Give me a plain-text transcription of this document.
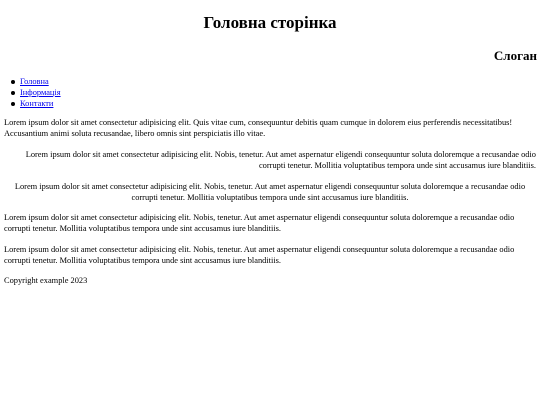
Головна сторінка
Слоган
Головна
Інформація
Контакти

Lorem ipsum dolor sit amet consectetur adipisicing elit. Quis vitae cum, consequuntur debitis quam cumque in dolorem eius perferendis necessitatibus! Accusantium animi soluta recusandae, libero omnis sint perspiciatis illo vitae.

Lorem ipsum dolor sit amet consectetur adipisicing elit. Nobis, tenetur. Aut amet aspernatur eligendi consequuntur soluta doloremque a recusandae odio corrupti tenetur. Mollitia voluptatibus tempora unde sint accusamus iure blanditiis.

Lorem ipsum dolor sit amet consectetur adipisicing elit. Nobis, tenetur. Aut amet aspernatur eligendi consequuntur soluta doloremque a recusandae odio corrupti tenetur. Mollitia voluptatibus tempora unde sint accusamus iure blanditiis.

Lorem ipsum dolor sit amet consectetur adipisicing elit. Nobis, tenetur. Aut amet aspernatur eligendi consequuntur soluta doloremque a recusandae odio corrupti tenetur. Mollitia voluptatibus tempora unde sint accusamus iure blanditiis.

Lorem ipsum dolor sit amet consectetur adipisicing elit. Nobis, tenetur. Aut amet aspernatur eligendi consequuntur soluta doloremque a recusandae odio corrupti tenetur. Mollitia voluptatibus tempora unde sint accusamus iure blanditiis.

Copyright example 2023
